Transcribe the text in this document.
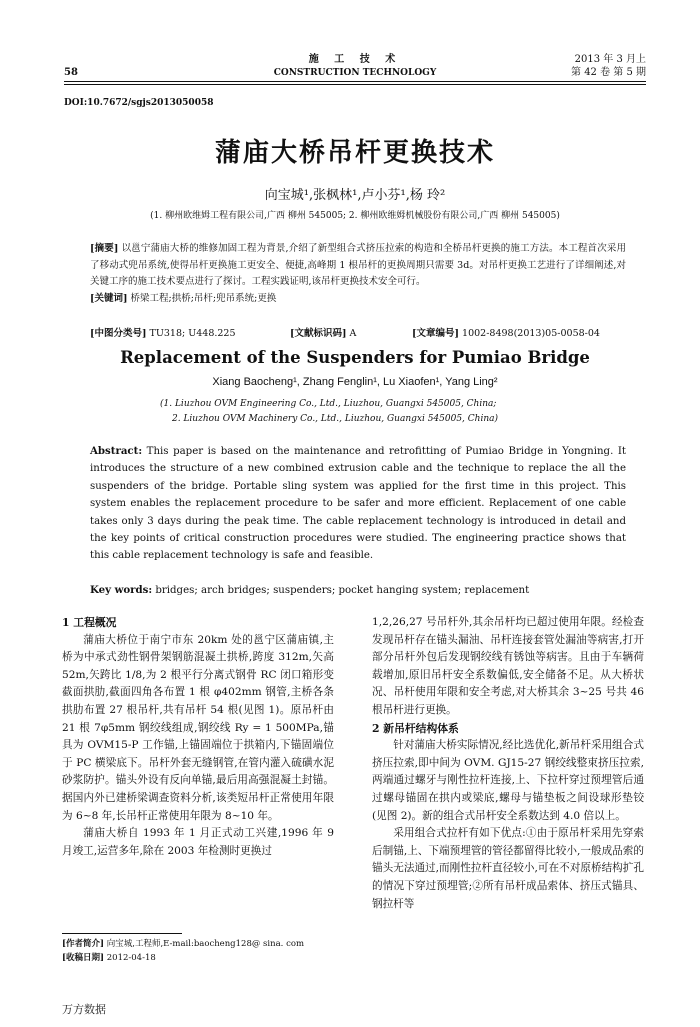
58
施 工 技 术
CONSTRUCTION TECHNOLOGY
2013 年 3 月上
第 42 卷 第 5 期
DOI:10.7672/sgjs2013050058
蒲庙大桥吊杆更换技术
向宝城¹,张枫林¹,卢小芬¹,杨 玲²
(1. 柳州欧维姆工程有限公司,广西 柳州 545005; 2. 柳州欧维姆机械股份有限公司,广西 柳州 545005)
[摘要] 以邕宁蒲庙大桥的维修加固工程为背景,介绍了新型组合式挤压拉索的构造和全桥吊杆更换的施工方法。本工程首次采用了移动式兜吊系统,使得吊杆更换施工更安全、便捷,高峰期 1 根吊杆的更换周期只需要 3d。对吊杆更换工艺进行了详细阐述,对关键工序的施工技术要点进行了探讨。工程实践证明,该吊杆更换技术安全可行。
[关键词] 桥梁工程;拱桥;吊杆;兜吊系统;更换
[中图分类号] TU318; U448.225	[文献标识码] A	[文章编号] 1002-8498(2013)05-0058-04
Replacement of the Suspenders for Pumiao Bridge
Xiang Baocheng¹, Zhang Fenglin¹, Lu Xiaofen¹, Yang Ling²
(1. Liuzhou OVM Engineering Co., Ltd., Liuzhou, Guangxi 545005, China;
2. Liuzhou OVM Machinery Co., Ltd., Liuzhou, Guangxi 545005, China)
Abstract: This paper is based on the maintenance and retrofitting of Pumiao Bridge in Yongning. It introduces the structure of a new combined extrusion cable and the technique to replace the all the suspenders of the bridge. Portable sling system was applied for the first time in this project. This system enables the replacement procedure to be safer and more efficient. Replacement of one cable takes only 3 days during the peak time. The cable replacement technology is introduced in detail and the key points of critical construction procedures were studied. The engineering practice shows that this cable replacement technology is safe and feasible.
Key words: bridges; arch bridges; suspenders; pocket hanging system; replacement
1 工程概况

蒲庙大桥位于南宁市东 20km 处的邕宁区蒲庙镇,主桥为中承式劲性钢骨架钢筋混凝土拱桥,跨度 312m,矢高 52m,矢跨比 1/8,为 2 根平行分离式钢骨 RC 闭口箱形变截面拱肋,截面四角各布置 1 根 φ402mm 钢管,主桥各条拱肋布置 27 根吊杆,共有吊杆 54 根(见图 1)。原吊杆由 21 根 7φ5mm 钢绞线组成,钢绞线 Ry = 1 500MPa,锚具为 OVM15-P 工作锚,上锚固端位于拱箱内,下锚固端位于 PC 横梁底下。吊杆外套无缝钢管,在管内灌入硫磺水泥砂浆防护。锚头外设有反向单锚,最后用高强混凝土封锚。据国内外已建桥梁调查资料分析,该类短吊杆正常使用年限为 6~8 年,长吊杆正常使用年限为 8~10 年。

蒲庙大桥自 1993 年 1 月正式动工兴建,1996 年 9 月竣工,运营多年,除在 2003 年检测时更换过

1,2,26,27 号吊杆外,其余吊杆均已超过使用年限。经检查发现吊杆存在锚头漏油、吊杆连接套管处漏油等病害,打开部分吊杆外包后发现钢绞线有锈蚀等病害。且由于车辆荷载增加,原旧吊杆安全系数偏低,安全储备不足。从大桥状况、吊杆使用年限和安全考虑,对大桥其余 3~25 号共 46 根吊杆进行更换。

2 新吊杆结构体系

针对蒲庙大桥实际情况,经比选优化,新吊杆采用组合式挤压拉索,即中间为 OVM. GJ15-27 钢绞线整束挤压拉索,两端通过螺牙与刚性拉杆连接,上、下拉杆穿过预埋管后通过螺母锚固在拱内或梁底,螺母与锚垫板之间设球形垫铰(见图 2)。新的组合式吊杆安全系数达到 4.0 倍以上。

采用组合式拉杆有如下优点:①由于原吊杆采用先穿索后制锚,上、下端预埋管的管径都留得比较小,一般成品索的锚头无法通过,而刚性拉杆直径较小,可在不对原桥结构扩孔的情况下穿过预埋管;②所有吊杆成品索体、挤压式锚具、钢拉杆等

[作者简介] 向宝城,工程师,E-mail:baocheng128@ sina. com
[收稿日期] 2012-04-18
万方数据
